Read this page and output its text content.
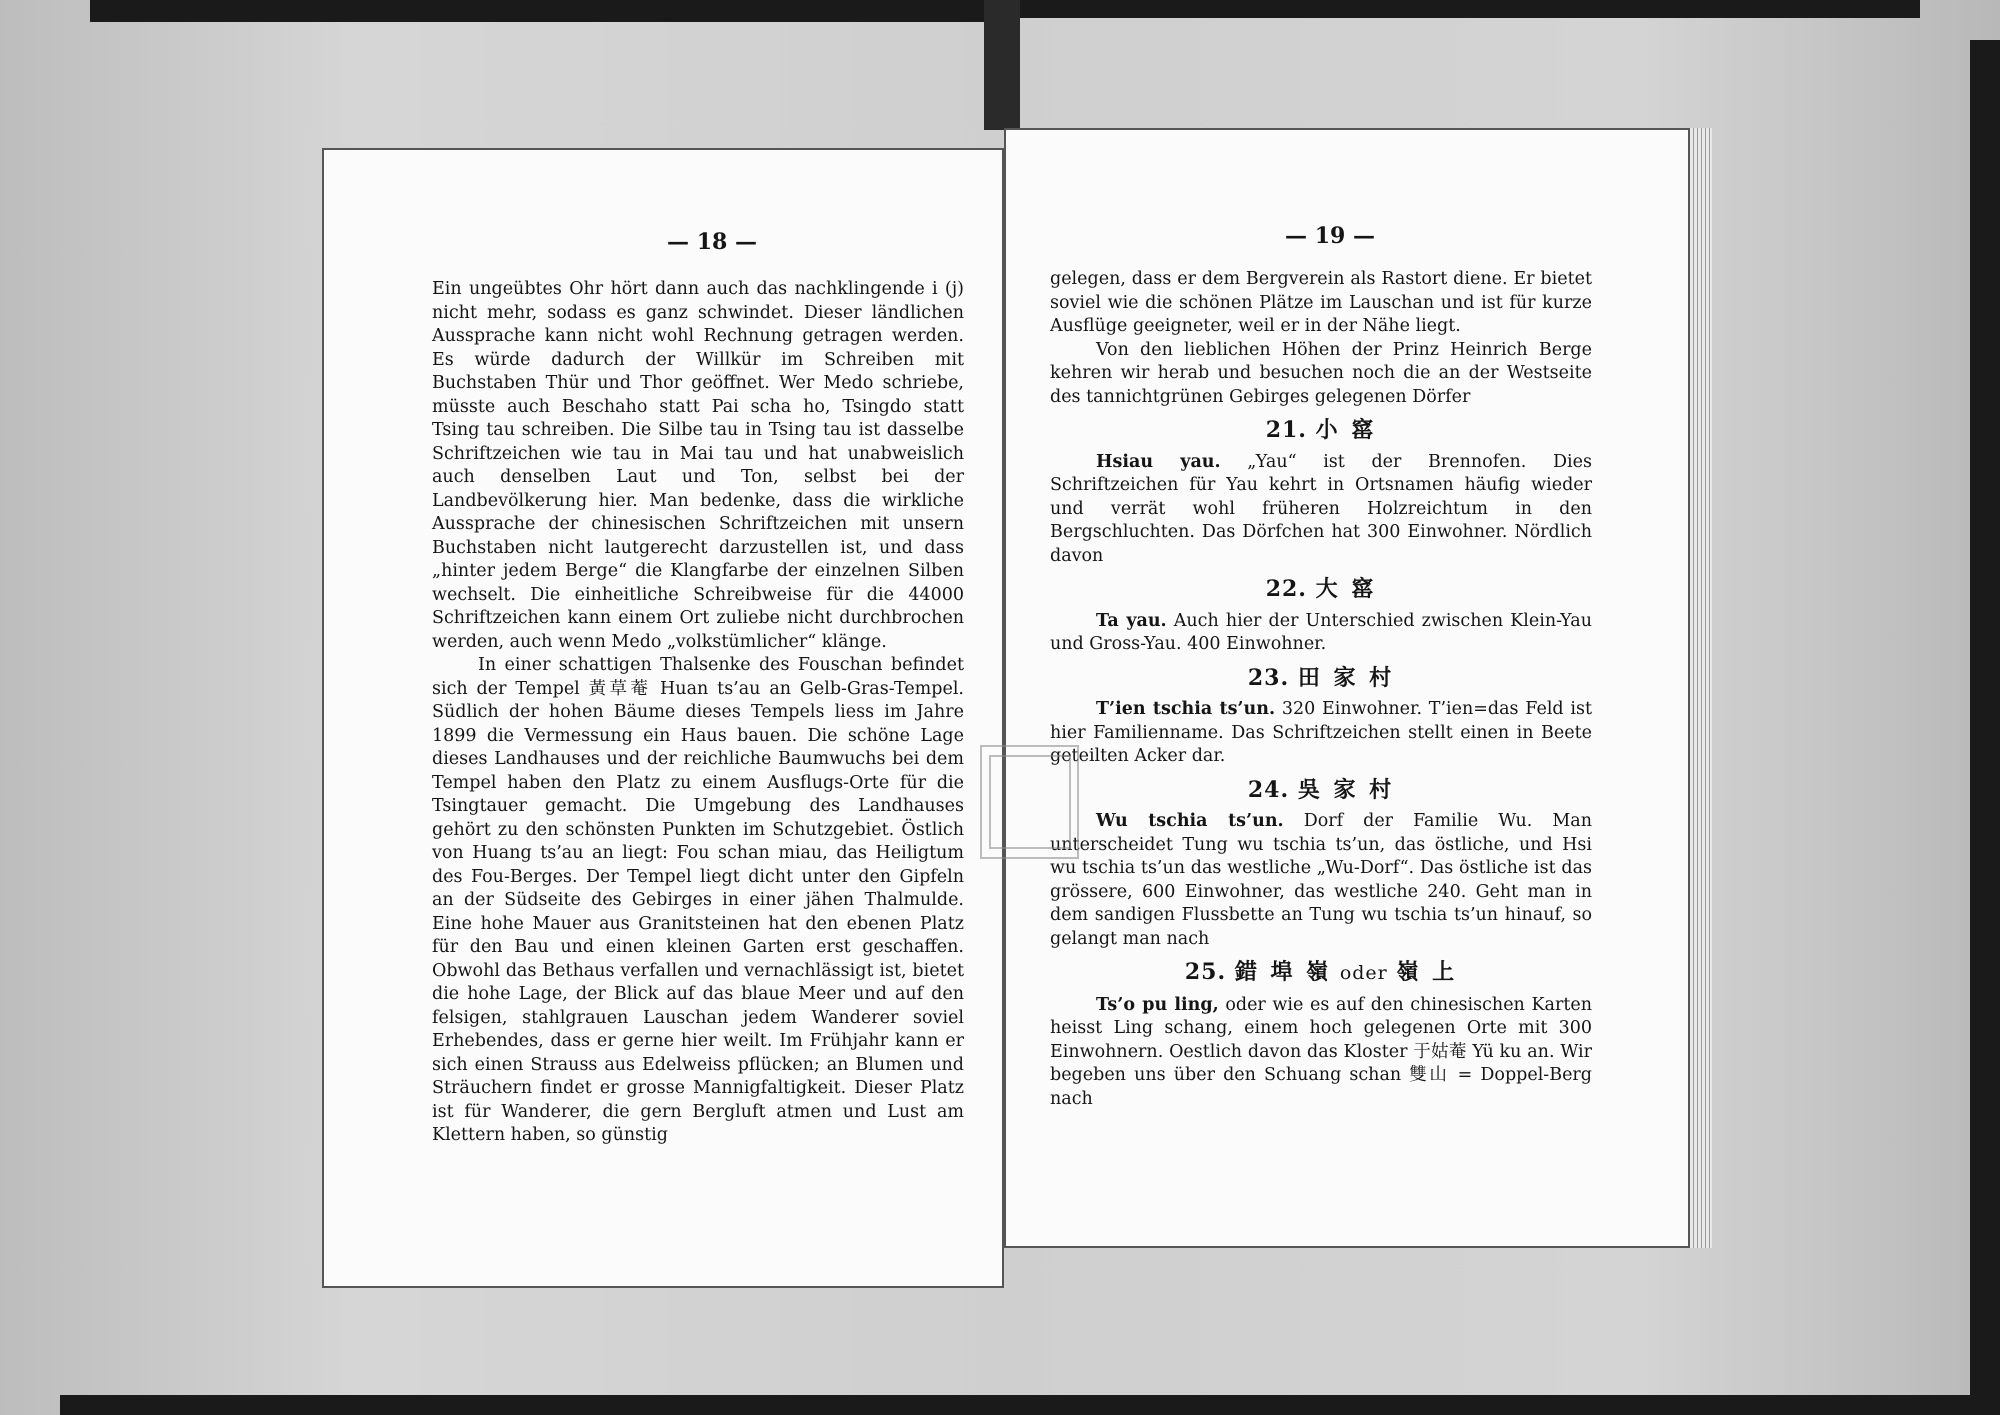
— 18 —

Ein ungeübtes Ohr hört dann auch das nachklingende i (j) nicht mehr, sodass es ganz schwindet. Dieser ländlichen Aussprache kann nicht wohl Rechnung getragen werden. Es würde dadurch der Willkür im Schreiben mit Buchstaben Thür und Thor geöffnet. Wer Medo schriebe, müsste auch Beschaho statt Pai scha ho, Tsingdo statt Tsing tau schreiben. Die Silbe tau in Tsing tau ist dasselbe Schriftzeichen wie tau in Mai tau und hat unabweislich auch denselben Laut und Ton, selbst bei der Landbevölkerung hier. Man bedenke, dass die wirkliche Aussprache der chinesischen Schriftzeichen mit unsern Buchstaben nicht lautgerecht darzustellen ist, und dass „hinter jedem Berge“ die Klangfarbe der einzelnen Silben wechselt. Die einheitliche Schreibweise für die 44000 Schriftzeichen kann einem Ort zuliebe nicht durchbrochen werden, auch wenn Medo „volkstümlicher“ klänge.

In einer schattigen Thalsenke des Fouschan befindet sich der Tempel 黃草菴 Huan ts’au an Gelb-Gras-Tempel. Südlich der hohen Bäume dieses Tempels liess im Jahre 1899 die Vermessung ein Haus bauen. Die schöne Lage dieses Landhauses und der reichliche Baumwuchs bei dem Tempel haben den Platz zu einem Ausflugs-Orte für die Tsingtauer gemacht. Die Umgebung des Landhauses gehört zu den schönsten Punkten im Schutzgebiet. Östlich von Huang ts’au an liegt: Fou schan miau, das Heiligtum des Fou-Berges. Der Tempel liegt dicht unter den Gipfeln an der Südseite des Gebirges in einer jähen Thalmulde. Eine hohe Mauer aus Granitsteinen hat den ebenen Platz für den Bau und einen kleinen Garten erst geschaffen. Obwohl das Bethaus verfallen und vernachlässigt ist, bietet die hohe Lage, der Blick auf das blaue Meer und auf den felsigen, stahlgrauen Lauschan jedem Wanderer soviel Erhebendes, dass er gerne hier weilt. Im Frühjahr kann er sich einen Strauss aus Edelweiss pflücken; an Blumen und Sträuchern findet er grosse Mannigfaltigkeit. Dieser Platz ist für Wanderer, die gern Bergluft atmen und Lust am Klettern haben, so günstig

— 19 —

gelegen, dass er dem Bergverein als Rastort diene. Er bietet soviel wie die schönen Plätze im Lauschan und ist für kurze Ausflüge geeigneter, weil er in der Nähe liegt.

Von den lieblichen Höhen der Prinz Heinrich Berge kehren wir herab und besuchen noch die an der Westseite des tannichtgrünen Gebirges gelegenen Dörfer

21. 小 窰

Hsiau yau. „Yau“ ist der Brennofen. Dies Schriftzeichen für Yau kehrt in Ortsnamen häufig wieder und verrät wohl früheren Holzreichtum in den Bergschluchten. Das Dörfchen hat 300 Einwohner. Nördlich davon

22. 大 窰

Ta yau. Auch hier der Unterschied zwischen Klein-Yau und Gross-Yau. 400 Einwohner.

23. 田 家 村

T’ien tschia ts’un. 320 Einwohner. T’ien=das Feld ist hier Familienname. Das Schriftzeichen stellt einen in Beete geteilten Acker dar.

24. 吳 家 村

Wu tschia ts’un. Dorf der Familie Wu. Man unterscheidet Tung wu tschia ts’un, das östliche, und Hsi wu tschia ts’un das westliche „Wu-Dorf“. Das östliche ist das grössere, 600 Einwohner, das westliche 240. Geht man in dem sandigen Flussbette an Tung wu tschia ts’un hinauf, so gelangt man nach

25. 錯 埠 嶺 oder 嶺 上

Ts’o pu ling, oder wie es auf den chinesischen Karten heisst Ling schang, einem hoch gelegenen Orte mit 300 Einwohnern. Oestlich davon das Kloster 于姑菴 Yü ku an. Wir begeben uns über den Schuang schan 雙山 = Doppel-Berg nach
